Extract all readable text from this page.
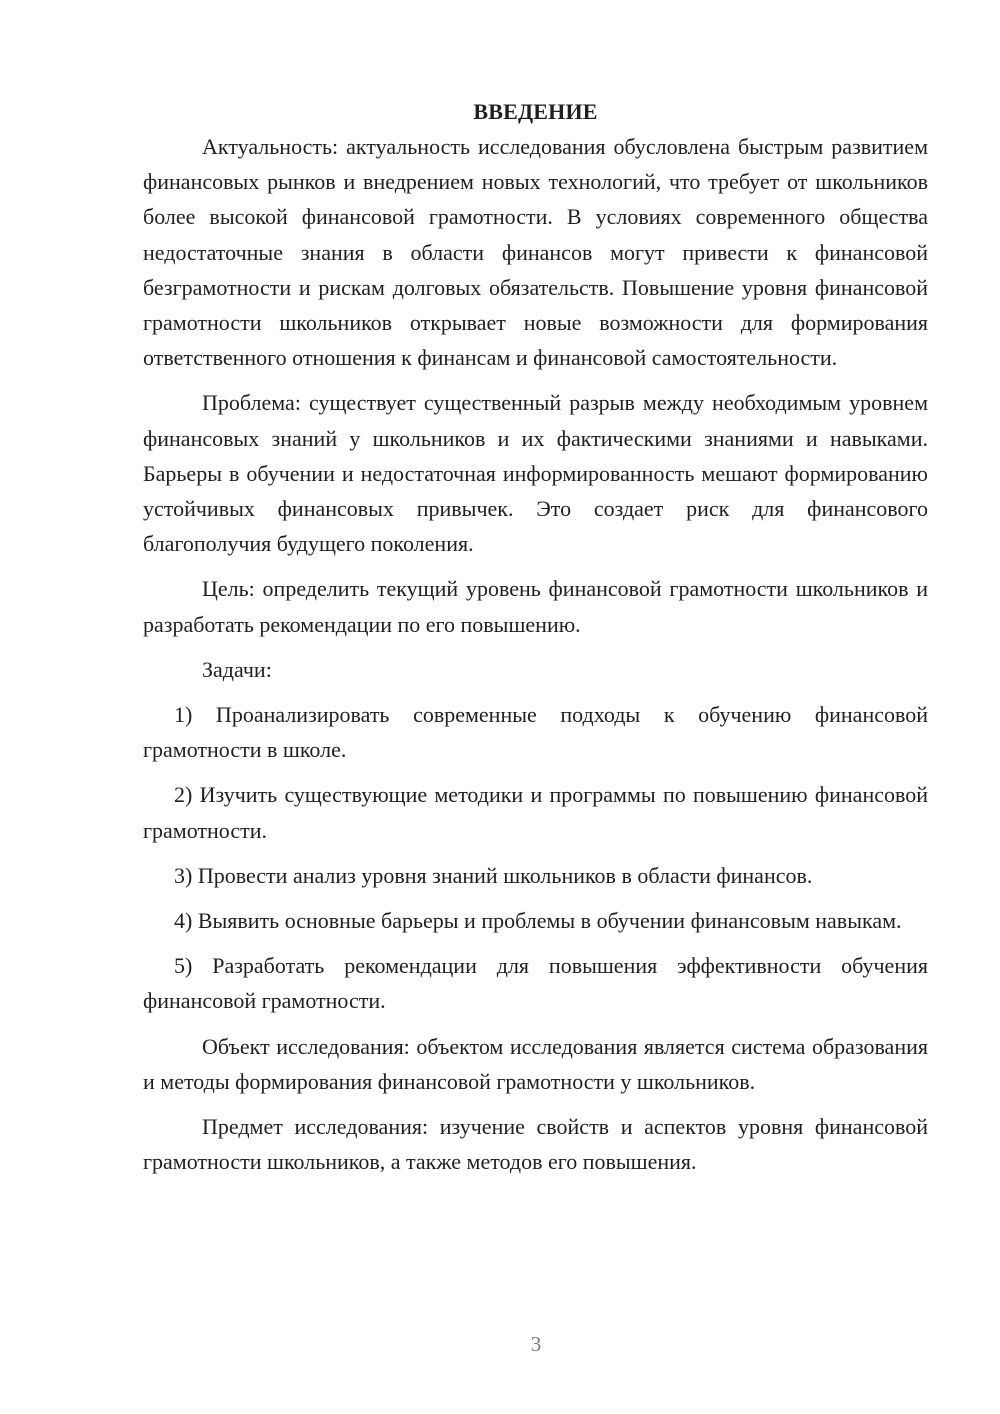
ВВЕДЕНИЕ

Актуальность: актуальность исследования обусловлена быстрым развитием финансовых рынков и внедрением новых технологий, что требует от школьников более высокой финансовой грамотности. В условиях современного общества недостаточные знания в области финансов могут привести к финансовой безграмотности и рискам долговых обязательств. Повышение уровня финансовой грамотности школьников открывает новые возможности для формирования ответственного отношения к финансам и финансовой самостоятельности.

Проблема: существует существенный разрыв между необходимым уровнем финансовых знаний у школьников и их фактическими знаниями и навыками. Барьеры в обучении и недостаточная информированность мешают формированию устойчивых финансовых привычек. Это создает риск для финансового благополучия будущего поколения.

Цель: определить текущий уровень финансовой грамотности школьников и разработать рекомендации по его повышению.

Задачи:

1) Проанализировать современные подходы к обучению финансовой грамотности в школе.

2) Изучить существующие методики и программы по повышению финансовой грамотности.

3) Провести анализ уровня знаний школьников в области финансов.

4) Выявить основные барьеры и проблемы в обучении финансовым навыкам.

5) Разработать рекомендации для повышения эффективности обучения финансовой грамотности.

Объект исследования: объектом исследования является система образования и методы формирования финансовой грамотности у школьников.

Предмет исследования: изучение свойств и аспектов уровня финансовой грамотности школьников, а также методов его повышения.

3
